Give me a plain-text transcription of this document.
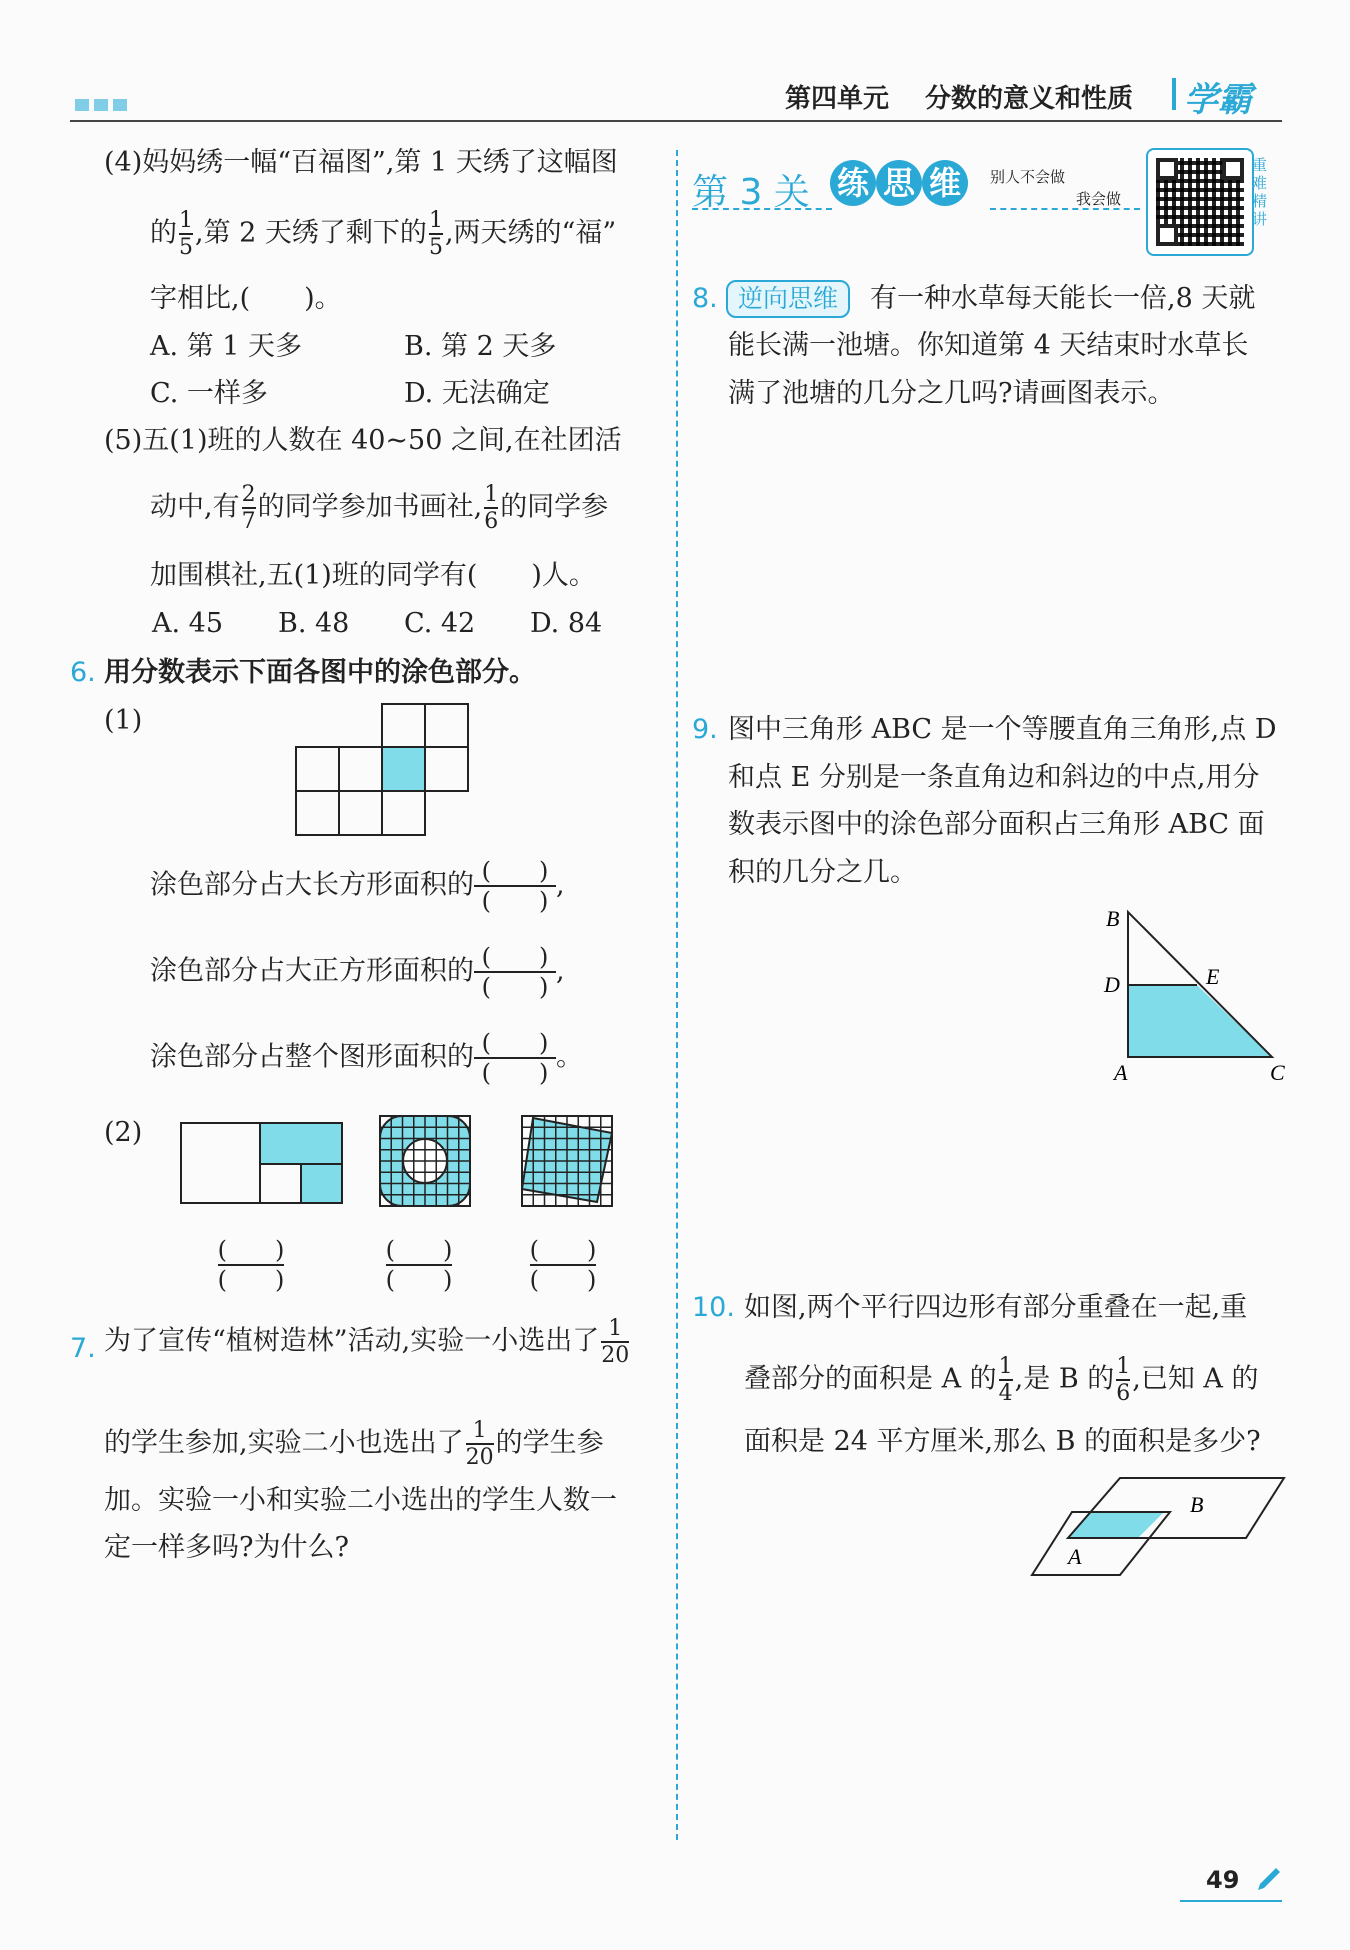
第四单元 分数的意义和性质 学霸
(4)妈妈绣一幅“百福图”,第 1 天绣了这幅图
的 $\frac{1}{5}$ ,第 2 天绣了剩下的 $\frac{1}{5}$ ,两天绣的“福”
字相比,(　　)。
A. 第 1 天多	B. 第 2 天多
C. 一样多	D. 无法确定
(5)五(1)班的人数在 40~50 之间,在社团活
动中,有 $\frac{2}{7}$ 的同学参加书画社, $\frac{1}{6}$ 的同学参
加围棋社,五(1)班的同学有(　　)人。
A. 45 B. 48 C. 42 D. 84
6. 用分数表示下面各图中的涂色部分。
(1)
涂色部分占大长方形面积的 (　　)
(　　)
,
涂色部分占大正方形面积的 (　　)
(　　)
,
涂色部分占整个图形面积的 (　　)
(　　)
。
(2)
(　　)
(　　)
(　　)
(　　)
(　　)
(　　)
7. 为了宣传“植树造林”活动,实验一小选出了 $\frac{1}{20}$
的学生参加,实验二小也选出了 $\frac{1}{20}$ 的学生参
加。实验一小和实验二小选出的学生人数一
定一样多吗?为什么?
第 3 关 练 思 维	别人不会做
我会做
重
难
精
讲
8. 逆向思维	有一种水草每天能长一倍,8 天就
能长满一池塘。你知道第 4 天结束时水草长
满了池塘的几分之几吗?请画图表示。
9. 图中三角形 ABC 是一个等腰直角三角形,点 D
和点 E 分别是一条直角边和斜边的中点,用分
数表示图中的涂色部分面积占三角形 ABC 面
积的几分之几。
B
D	E
A	C
10. 如图,两个平行四边形有部分重叠在一起,重
叠部分的面积是 A 的 $\frac{1}{4}$ ,是 B 的 $\frac{1}{6}$ ,已知 A 的
面积是 24 平方厘米,那么 B 的面积是多少?
A
B
49
